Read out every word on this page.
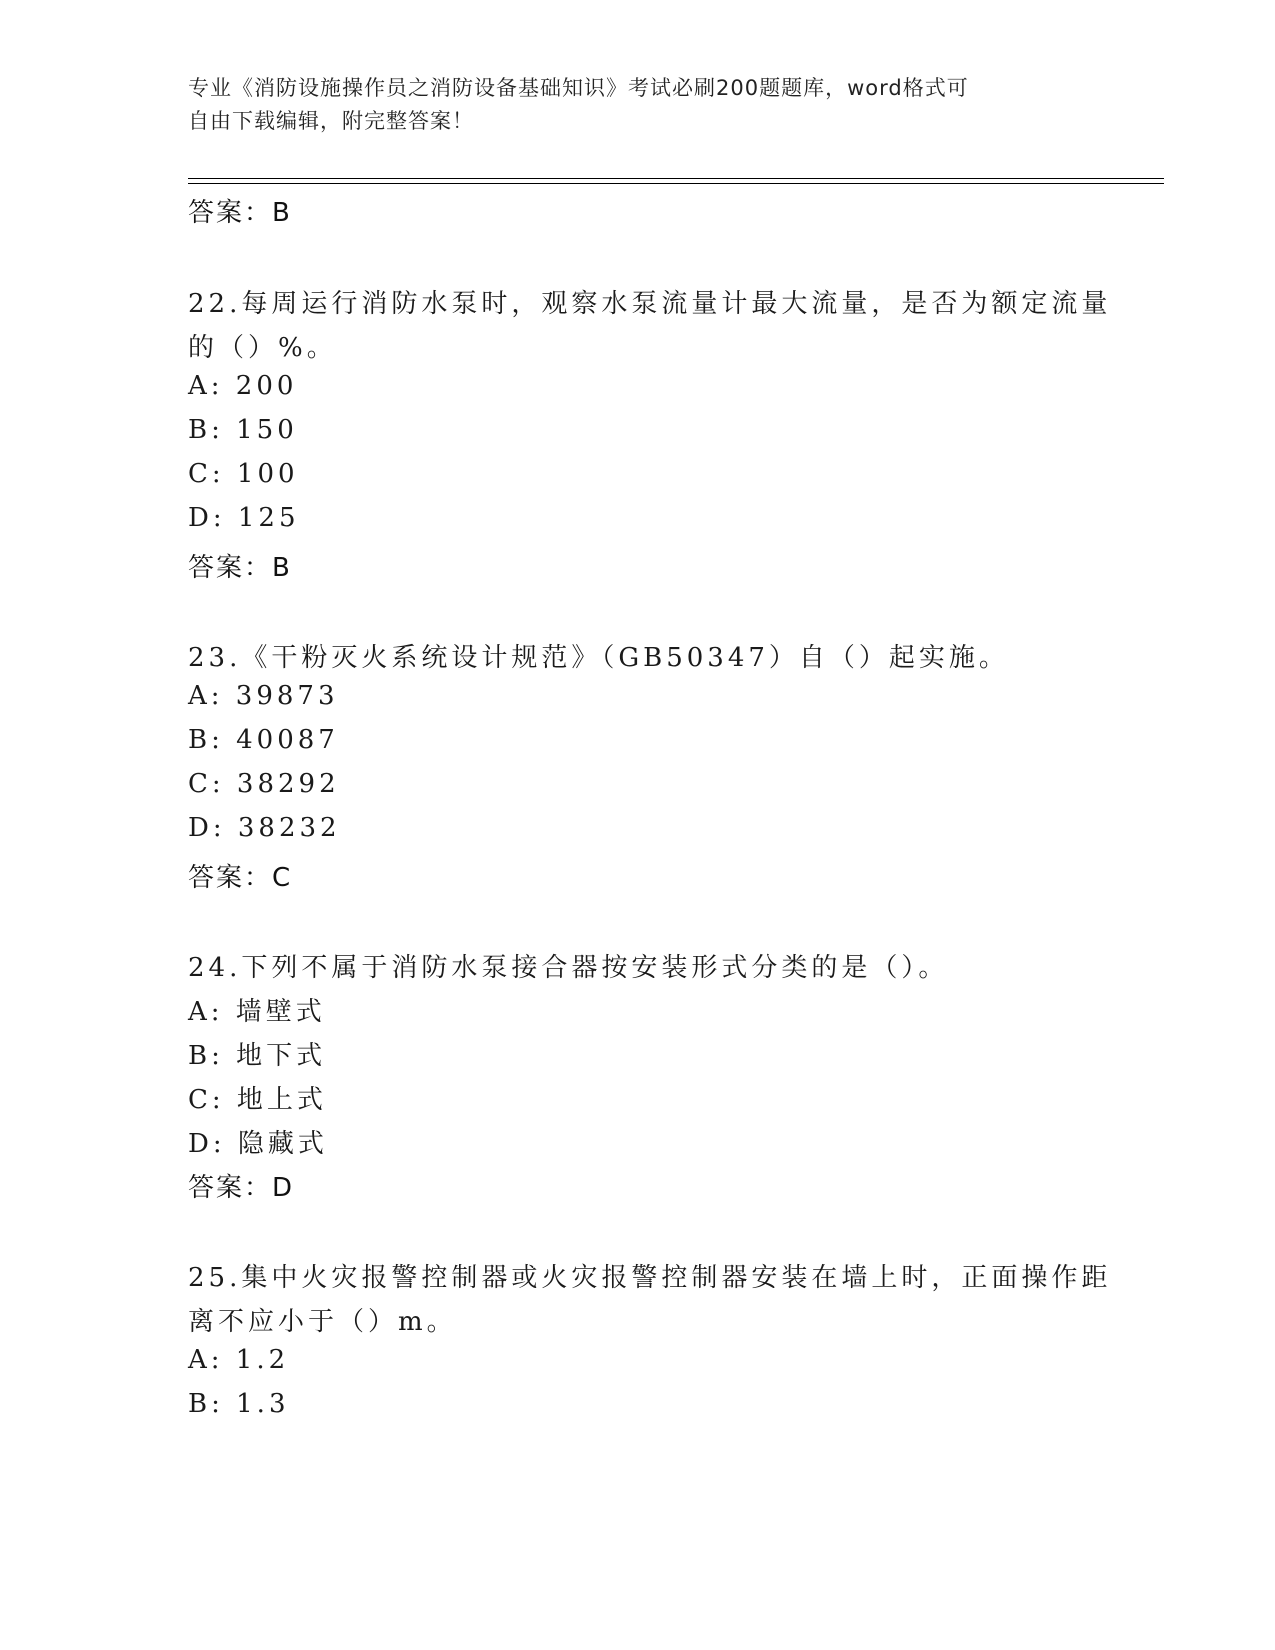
专业《消防设施操作员之消防设备基础知识》考试必刷200题题库，word格式可
自由下载编辑，附完整答案！
答案：B
22.每周运行消防水泵时，观察水泵流量计最大流量，是否为额定流量
的（）%。
A: 200
B: 150
C: 100
D: 125
答案：B
23.《干粉灭火系统设计规范》（GB50347）自（）起实施。
A: 39873
B: 40087
C: 38292
D: 38232
答案：C
24.下列不属于消防水泵接合器按安装形式分类的是（）。
A: 墙壁式
B: 地下式
C: 地上式
D: 隐藏式
答案：D
25.集中火灾报警控制器或火灾报警控制器安装在墙上时，正面操作距
离不应小于（）m。
A: 1.2
B: 1.3
